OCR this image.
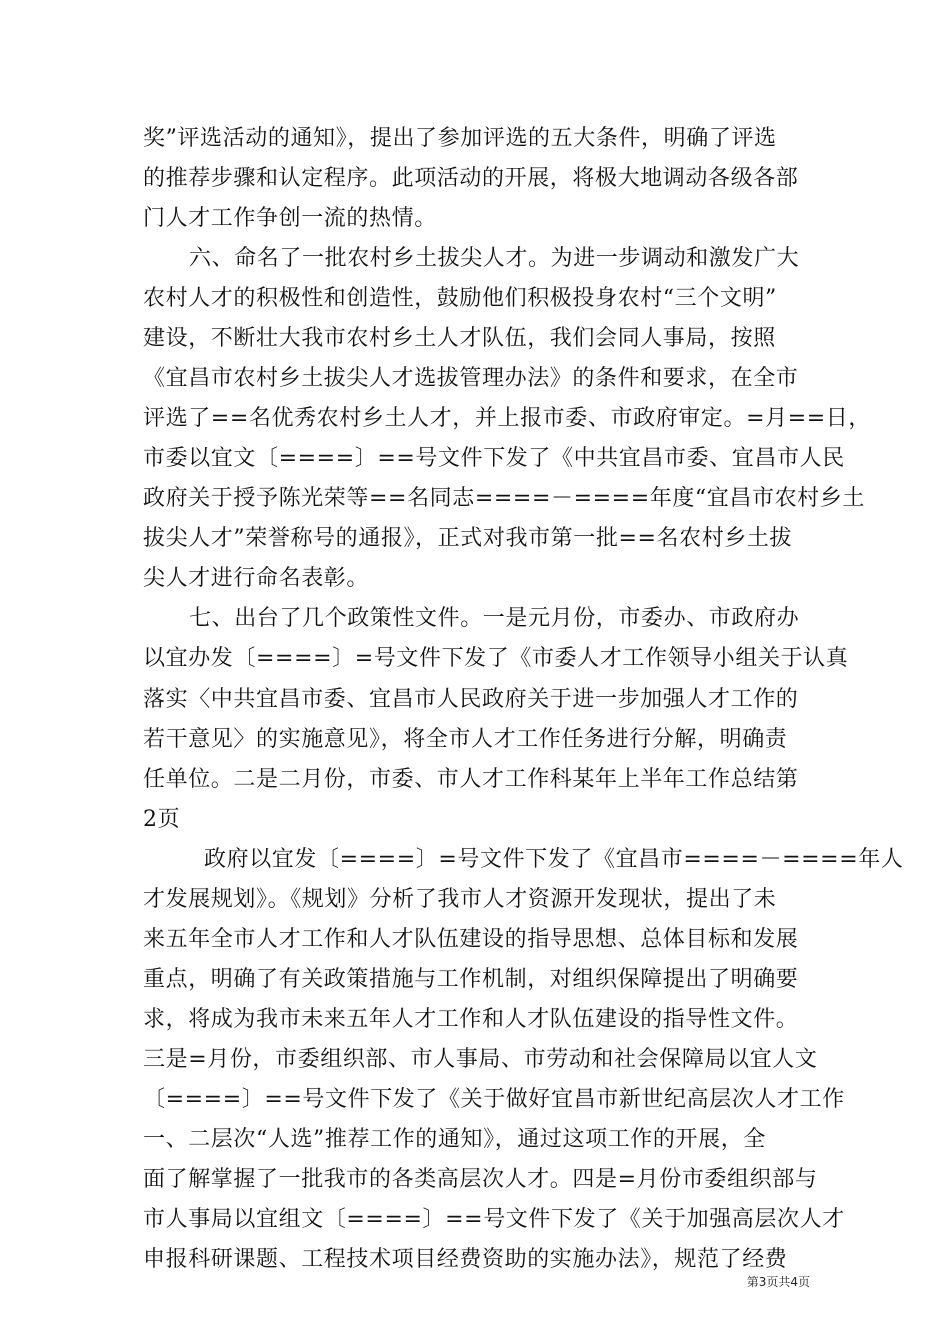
奖”评选活动的通知》，提出了参加评选的五大条件，明确了评选
的推荐步骤和认定程序。此项活动的开展，将极大地调动各级各部
门人才工作争创一流的热情。
六、命名了一批农村乡土拔尖人才。为进一步调动和激发广大
农村人才的积极性和创造性，鼓励他们积极投身农村“三个文明”
建设，不断壮大我市农村乡土人才队伍，我们会同人事局，按照
《宜昌市农村乡土拔尖人才选拔管理办法》的条件和要求，在全市
评选了==名优秀农村乡土人才，并上报市委、市政府审定。=月==日，
市委以宜文〔====〕==号文件下发了《中共宜昌市委、宜昌市人民
政府关于授予陈光荣等==名同志====－====年度“宜昌市农村乡土
拔尖人才”荣誉称号的通报》，正式对我市第一批==名农村乡土拔
尖人才进行命名表彰。
七、出台了几个政策性文件。一是元月份，市委办、市政府办
以宜办发〔====〕=号文件下发了《市委人才工作领导小组关于认真
落实〈中共宜昌市委、宜昌市人民政府关于进一步加强人才工作的
若干意见〉的实施意见》，将全市人才工作任务进行分解，明确责
任单位。二是二月份，市委、市人才工作科某年上半年工作总结第
2页
政府以宜发〔====〕=号文件下发了《宜昌市====－====年人
才发展规划》。《规划》分析了我市人才资源开发现状，提出了未
来五年全市人才工作和人才队伍建设的指导思想、总体目标和发展
重点，明确了有关政策措施与工作机制，对组织保障提出了明确要
求，将成为我市未来五年人才工作和人才队伍建设的指导性文件。
三是=月份，市委组织部、市人事局、市劳动和社会保障局以宜人文
〔====〕==号文件下发了《关于做好宜昌市新世纪高层次人才工作
一、二层次“人选”推荐工作的通知》，通过这项工作的开展，全
面了解掌握了一批我市的各类高层次人才。四是=月份市委组织部与
市人事局以宜组文〔====〕==号文件下发了《关于加强高层次人才
申报科研课题、工程技术项目经费资助的实施办法》，规范了经费
第3页共4页
